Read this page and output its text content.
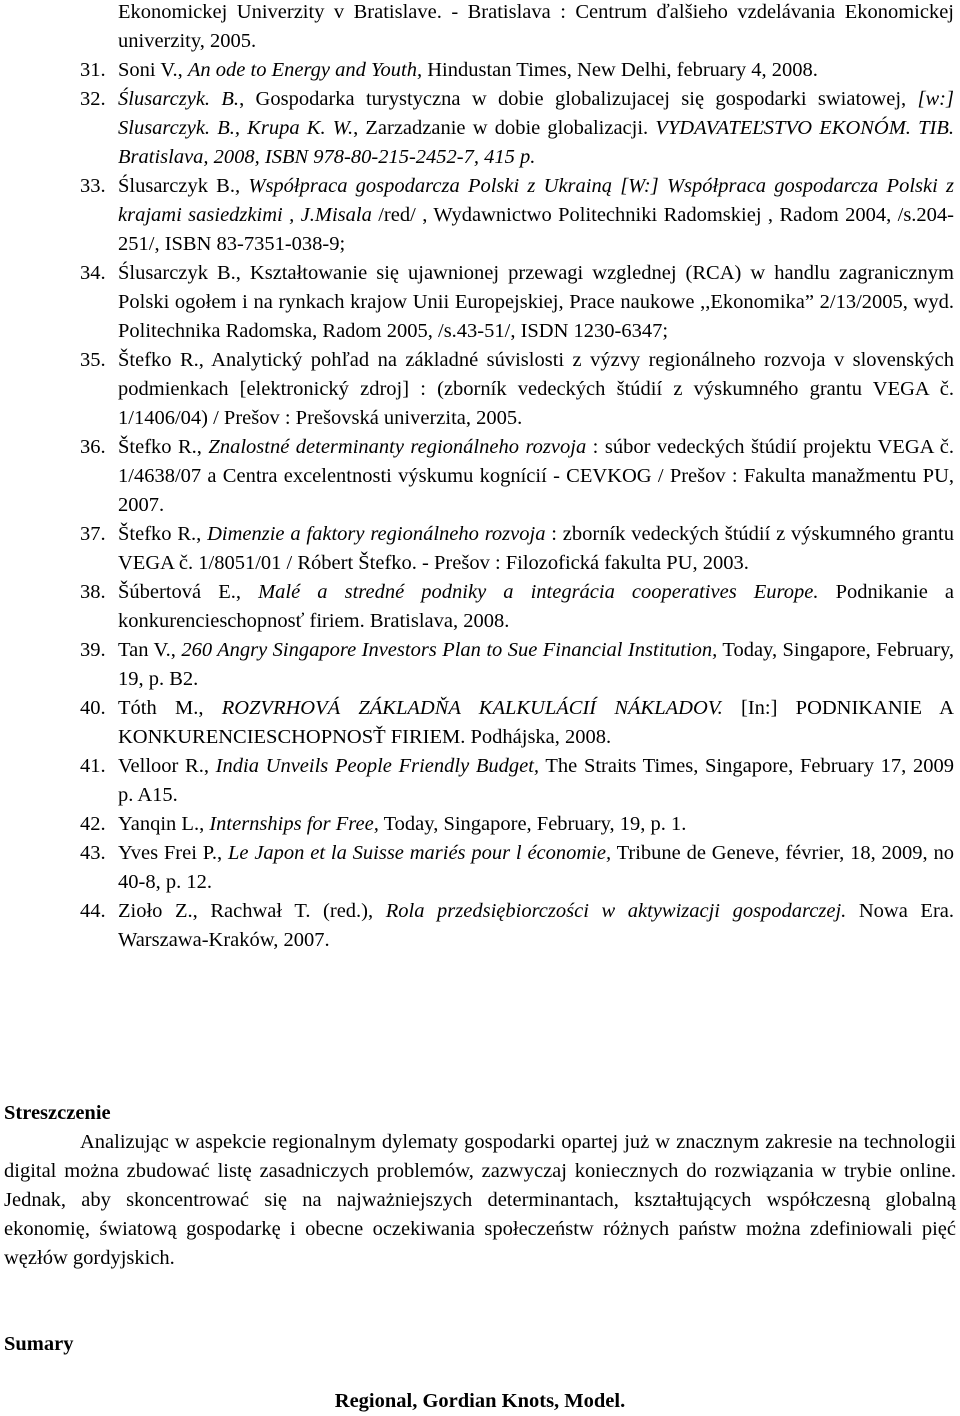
Ekonomickej Univerzity v Bratislave. - Bratislava : Centrum ďalšieho vzdelávania Ekonomickej univerzity, 2005.
31. Soni V., An ode to Energy and Youth, Hindustan Times, New Delhi, february 4, 2008.
32. Ślusarczyk. B., Gospodarka turystyczna w dobie globalizujacej się gospodarki swiatowej, [w:] Slusarczyk. B., Krupa K. W., Zarzadzanie w dobie globalizacji. VYDAVATEĽSTVO EKONÓM. TIB. Bratislava, 2008, ISBN 978-80-215-2452-7, 415 p.
33. Ślusarczyk B., Współpraca gospodarcza Polski z Ukrainą [W:] Współpraca gospodarcza Polski z krajami sasiedzkimi , J.Misala /red/ , Wydawnictwo Politechniki Radomskiej , Radom 2004, /s.204-251/, ISBN 83-7351-038-9;
34. Ślusarczyk B., Kształtowanie się ujawnionej przewagi wzglednej (RCA) w handlu zagranicznym Polski ogołem i na rynkach krajow Unii Europejskiej, Prace naukowe ,,Ekonomika” 2/13/2005, wyd. Politechnika Radomska, Radom 2005, /s.43-51/, ISDN 1230-6347;
35. Štefko R., Analytický pohľad na základné súvislosti z výzvy regionálneho rozvoja v slovenských podmienkach [elektronický zdroj] : (zborník vedeckých štúdií z výskumného grantu VEGA č. 1/1406/04) / Prešov : Prešovská univerzita, 2005.
36. Štefko R., Znalostné determinanty regionálneho rozvoja : súbor vedeckých štúdií projektu VEGA č. 1/4638/07 a Centra excelentnosti výskumu kognícií - CEVKOG / Prešov : Fakulta manažmentu PU, 2007.
37. Štefko R., Dimenzie a faktory regionálneho rozvoja : zborník vedeckých štúdií z výskumného grantu VEGA č. 1/8051/01 / Róbert Štefko. - Prešov : Filozofická fakulta PU, 2003.
38. Šúbertová E., Malé a stredné podniky a integrácia cooperatives Europe. Podnikanie a konkurencieschopnosť firiem. Bratislava, 2008.
39. Tan V., 260 Angry Singapore Investors Plan to Sue Financial Institution, Today, Singapore, February, 19, p. B2.
40. Tóth M., ROZVRHOVÁ ZÁKLADŇA KALKULÁCIÍ NÁKLADOV. [In:] PODNIKANIE A KONKURENCIESCHOPNOSŤ FIRIEM. Podhájska, 2008.
41. Velloor R., India Unveils People Friendly Budget, The Straits Times, Singapore, February 17, 2009 p. A15.
42. Yanqin L., Internships for Free, Today, Singapore, February, 19, p. 1.
43. Yves Frei P., Le Japon et la Suisse mariés pour l économie, Tribune de Geneve, février, 18, 2009, no 40-8, p. 12.
44. Zioło Z., Rachwał T. (red.), Rola przedsiębiorczości w aktywizacji gospodarczej. Nowa Era. Warszawa-Kraków, 2007.
Streszczenie
Analizując w aspekcie regionalnym dylematy gospodarki opartej już w znacznym zakresie na technologii digital można zbudować listę zasadniczych problemów, zazwyczaj koniecznych do rozwiązania w trybie online. Jednak, aby skoncentrować się na najważniejszych determinantach, kształtujących współczesną globalną ekonomię, światową gospodarkę i obecne oczekiwania społeczeństw różnych państw można zdefiniowali pięć węzłów gordyjskich.
Sumary
Regional, Gordian Knots, Model.
